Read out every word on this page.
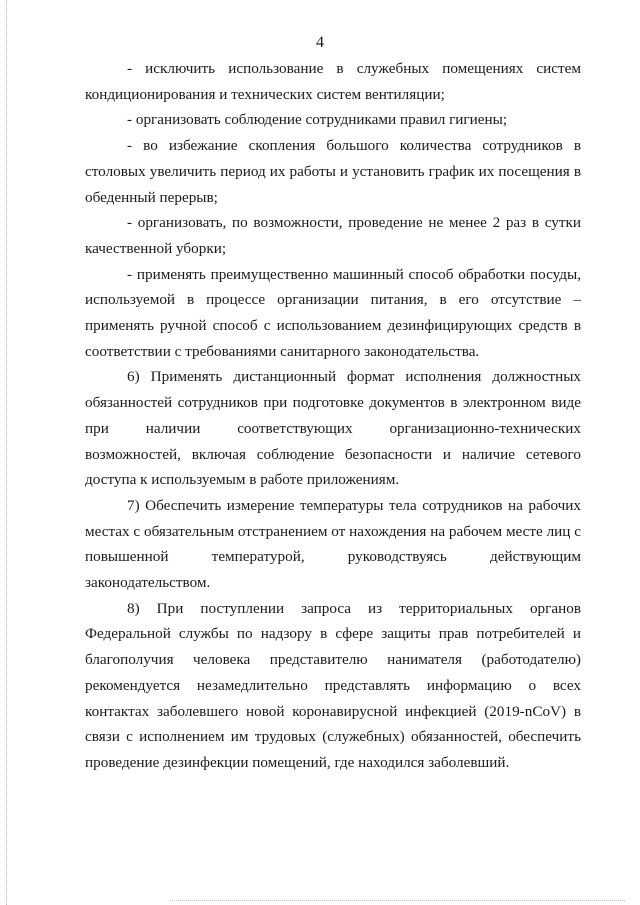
4

- исключить использование в служебных помещениях систем кондиционирования и технических систем вентиляции;

- организовать соблюдение сотрудниками правил гигиены;

- во избежание скопления большого количества сотрудников в столовых увеличить период их работы и установить график их посещения в обеденный перерыв;

- организовать, по возможности, проведение не менее 2 раз в сутки качественной уборки;

- применять преимущественно машинный способ обработки посуды, используемой в процессе организации питания, в его отсутствие – применять ручной способ с использованием дезинфицирующих средств в соответствии с требованиями санитарного законодательства.

6) Применять дистанционный формат исполнения должностных обязанностей сотрудников при подготовке документов в электронном виде при наличии соответствующих организационно-технических возможностей, включая соблюдение безопасности и наличие сетевого доступа к используемым в работе приложениям.

7) Обеспечить измерение температуры тела сотрудников на рабочих местах с обязательным отстранением от нахождения на рабочем месте лиц с повышенной температурой, руководствуясь действующим законодательством.

8) При поступлении запроса из территориальных органов Федеральной службы по надзору в сфере защиты прав потребителей и благополучия человека представителю нанимателя (работодателю) рекомендуется незамедлительно представлять информацию о всех контактах заболевшего новой коронавирусной инфекцией (2019-nCoV) в связи с исполнением им трудовых (служебных) обязанностей, обеспечить проведение дезинфекции помещений, где находился заболевший.
